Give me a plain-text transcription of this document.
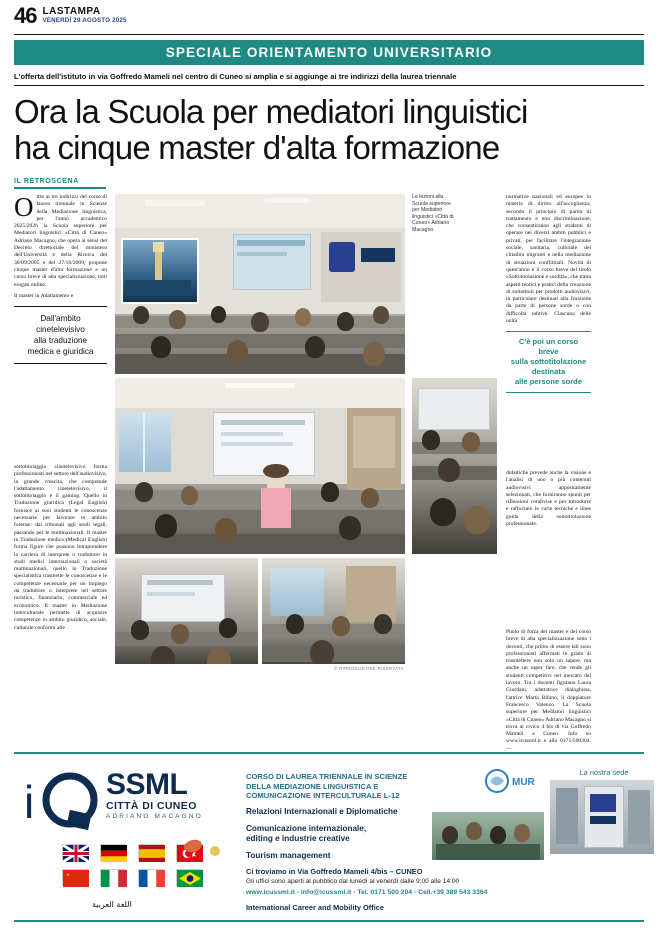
46 LASTAMPA
VENERDÌ 29 AGOSTO 2025
SPECIALE ORIENTAMENTO UNIVERSITARIO
L'offerta dell'istituto in via Goffredo Mameli nel centro di Cuneo si amplia e si aggiunge ai tre indirizzi della laurea triennale
Ora la Scuola per mediatori linguistici
ha cinque master d'alta formazione
IL RETROSCENA

Oltre ai tre indirizzi del corso di laurea triennale in Scienze della Mediazione linguistica, per l'anno accademico 2025/2026 la Scuola superiore per Mediatori linguistici «Città di Cuneo» Adriano Macagno, che opera ai sensi del Decreto direttoriale del ministero dell'Università e della Ricerca del 30/09/2005 e del 27/10/2009, propone cinque master d'alta formazione e un corso breve di alta specializzazione, tutti erogati online.

Il master in Adattamento e

Dall'ambito
cinetelevisivo
alla traduzione
medica e giuridica

sottotitolaggio cinetelevisivo forma professionisti nel settore dell'audiovisivo, in grande crescita, che comprende l'adattamento cinetelevisivo, il sottotitolaggio e il gaming. Quello in Traduzione giuridica (Legal English) fornisce ai suoi studenti le conoscenze necessarie per lavorare in ambito forense: dai tribunali agli studi legali, passando per le multinazionali. Il master in Traduzione medica (Medical English) forma figure che possono intraprendere la carriera di interprete o traduttore in studi medici internazionali o società multinazionali, quello in Traduzione specialistica trasmette le conoscenze e le competenze necessarie per un impiego da traduttore o interprete nel settore turistico, finanziario, commerciale ed economico. Il master in Mediazione interculturale permette di acquisire competenze in ambito giuridico, sociale, culturale conformi alle

Le lezioni alla Scuola superiore per Mediatori linguistici «Città di Cuneo» Adriano Macagno

normative nazionali ed europee in materia di diritto all'accoglienza, secondo il principio di parità di trattamento e non discriminazione, che consentiranno agli studenti di operare nei diversi ambiti pubblici e privati, per facilitare l'integrazione sociale, sanitaria, culturale dei cittadini migranti e nella mediazione di situazioni conflittuali. Novità di quest'anno è il corso breve del titolo «Sottotitolazione e sordità», che tratta aspetti teorici e pratici della creazione di sottotitoli per prodotti audiovisivi, in particolare destinati alla fruizione da parte di persone sorde o con difficoltà uditive. Ciascuna delle unità

C'è poi un corso breve
sulla sottotitolazione
destinata
alle persone sorde

didattiche prevede anche la visione e l'analisi di uno o più contenuti audiovisivi appositamente selezionati, che forniranno spunti per riflessioni condivise e per introdurre e rafforzare le varie tecniche e linee guida della sottotitolazione professionale.

Punto di forza dei master e del corso breve di alta specializzazione sono i docenti, che primo di essere tali sono professionisti affermati in grado di trasmettere non solo un sapere, ma anche un saper fare, che rende gli studenti competitivi nel mercato del lavoro. Tra i docenti figurano Laura Giordani, adattatrice dialoghista, l'attrice Marta Bifano, il doppiatore Francesco Valenzo. La Scuola superiore per Mediatori linguistici «Città di Cuneo» Adriano Macagno si trova al civico 4 bis di via Goffredo Mameli a Cuneo. Info su www.icussml.it e allo 0171/500204. —

© RIPRODUZIONE RISERVATA
i SSML
CITTÀ DI CUNEO
ADRIANO MACAGNO

اللغة العربية
CORSO DI LAUREA TRIENNALE IN SCIENZE
DELLA MEDIAZIONE LINGUISTICA E
COMUNICAZIONE INTERCULTURALE L-12
Relazioni Internazionali e Diplomatiche
Comunicazione internazionale,
editing e industrie creative
Tourism management
MUR
La nostra sede
Ci troviamo in Via Goffredo Mameli 4/bis – CUNEO
Gli uffici sono aperti al pubblico dal lunedì al venerdì dalle 9:00 alle 14:00
www.icussml.it - info@icussml.it - Tel. 0171 500 204 - Cell.+39 389 543 3364
International Career and Mobility Office
